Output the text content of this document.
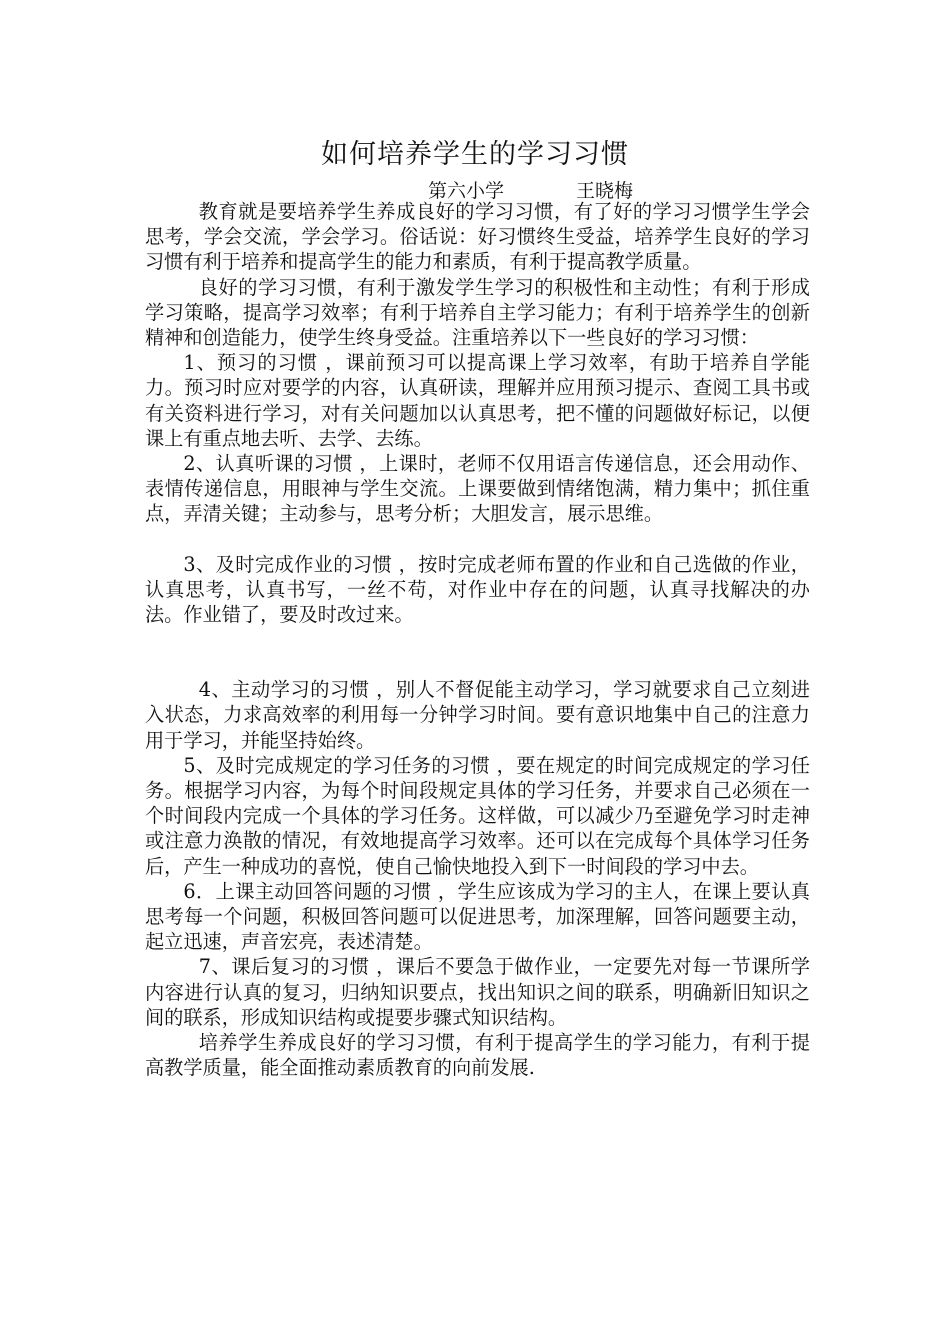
如何培养学生的学习习惯
第六小学	王晓梅

教育就是要培养学生养成良好的学习习惯，有了好的学习习惯学生学会思考，学会交流，学会学习。俗话说：好习惯终生受益，培养学生良好的学习习惯有利于培养和提高学生的能力和素质，有利于提高教学质量。

良好的学习习惯，有利于激发学生学习的积极性和主动性；有利于形成学习策略，提高学习效率；有利于培养自主学习能力；有利于培养学生的创新精神和创造能力，使学生终身受益。注重培养以下一些良好的学习习惯：

1、预习的习惯 ，课前预习可以提高课上学习效率，有助于培养自学能力。预习时应对要学的内容，认真研读，理解并应用预习提示、查阅工具书或有关资料进行学习，对有关问题加以认真思考，把不懂的问题做好标记，以便课上有重点地去听、去学、去练。

2、认真听课的习惯 ，上课时，老师不仅用语言传递信息，还会用动作、表情传递信息，用眼神与学生交流。上课要做到情绪饱满，精力集中；抓住重点，弄清关键；主动参与，思考分析；大胆发言，展示思维。

3、及时完成作业的习惯 ，按时完成老师布置的作业和自己选做的作业，认真思考，认真书写，一丝不苟，对作业中存在的问题，认真寻找解决的办法。作业错了，要及时改过来。

4、主动学习的习惯 ，别人不督促能主动学习，学习就要求自己立刻进入状态，力求高效率的利用每一分钟学习时间。要有意识地集中自己的注意力用于学习，并能坚持始终。

5、及时完成规定的学习任务的习惯 ，要在规定的时间完成规定的学习任务。根据学习内容，为每个时间段规定具体的学习任务，并要求自己必须在一个时间段内完成一个具体的学习任务。这样做，可以减少乃至避免学习时走神或注意力涣散的情况，有效地提高学习效率。还可以在完成每个具体学习任务后，产生一种成功的喜悦，使自己愉快地投入到下一时间段的学习中去。

6．上课主动回答问题的习惯 ，学生应该成为学习的主人，在课上要认真思考每一个问题，积极回答问题可以促进思考，加深理解，回答问题要主动，起立迅速，声音宏亮，表述清楚。

7、课后复习的习惯 ，课后不要急于做作业，一定要先对每一节课所学内容进行认真的复习，归纳知识要点，找出知识之间的联系，明确新旧知识之间的联系，形成知识结构或提要步骤式知识结构。

培养学生养成良好的学习习惯，有利于提高学生的学习能力，有利于提高教学质量，能全面推动素质教育的向前发展.
